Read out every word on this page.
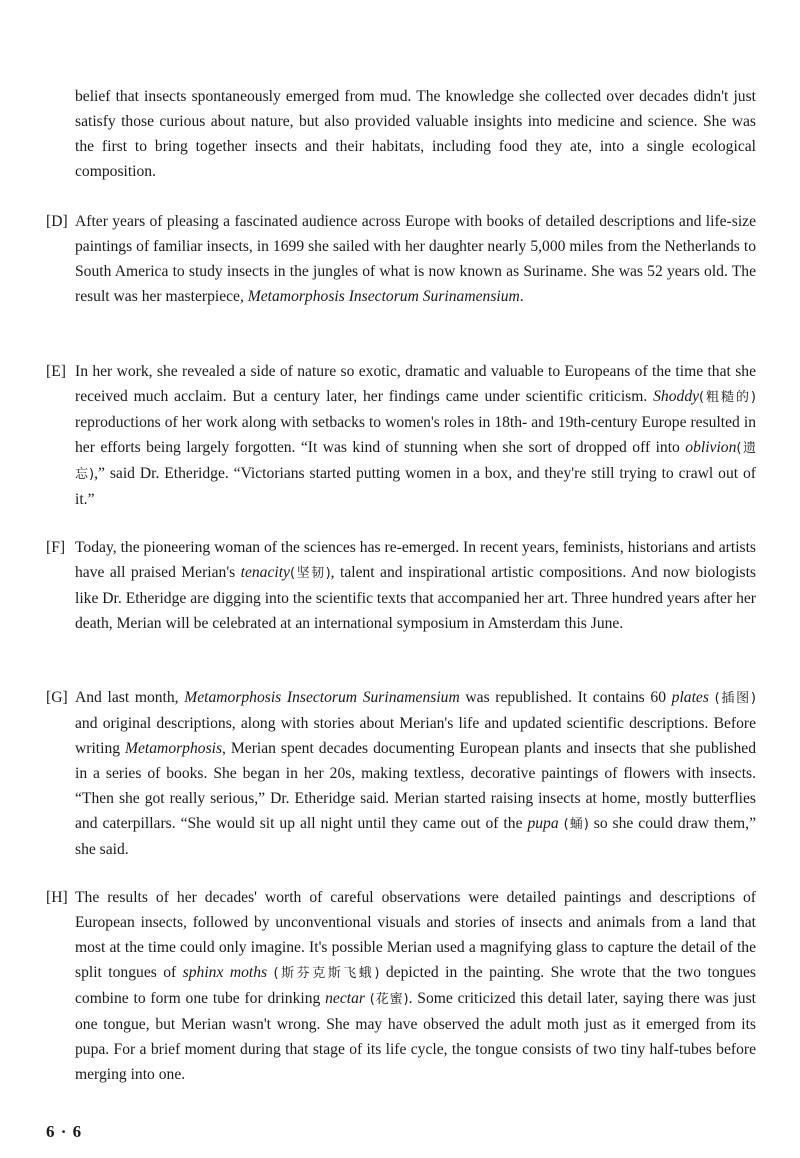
belief that insects spontaneously emerged from mud. The knowledge she collected over decades didn't just satisfy those curious about nature, but also provided valuable insights into medicine and science. She was the first to bring together insects and their habitats, including food they ate, into a single ecological composition.

[D] After years of pleasing a fascinated audience across Europe with books of detailed descriptions and life-size paintings of familiar insects, in 1699 she sailed with her daughter nearly 5,000 miles from the Netherlands to South America to study insects in the jungles of what is now known as Suriname. She was 52 years old. The result was her masterpiece, Metamorphosis Insectorum Surinamensium.

[E] In her work, she revealed a side of nature so exotic, dramatic and valuable to Europeans of the time that she received much acclaim. But a century later, her findings came under scientific criticism. Shoddy(粗糙的) reproductions of her work along with setbacks to women's roles in 18th- and 19th-century Europe resulted in her efforts being largely forgotten. “It was kind of stunning when she sort of dropped off into oblivion(遗忘),” said Dr. Etheridge. “Victorians started putting women in a box, and they're still trying to crawl out of it.”

[F] Today, the pioneering woman of the sciences has re-emerged. In recent years, feminists, historians and artists have all praised Merian's tenacity(坚韧), talent and inspirational artistic compositions. And now biologists like Dr. Etheridge are digging into the scientific texts that accompanied her art. Three hundred years after her death, Merian will be celebrated at an international symposium in Amsterdam this June.

[G] And last month, Metamorphosis Insectorum Surinamensium was republished. It contains 60 plates (插图) and original descriptions, along with stories about Merian's life and updated scientific descriptions. Before writing Metamorphosis, Merian spent decades documenting European plants and insects that she published in a series of books. She began in her 20s, making textless, decorative paintings of flowers with insects. “Then she got really serious,” Dr. Etheridge said. Merian started raising insects at home, mostly butterflies and caterpillars. “She would sit up all night until they came out of the pupa (蛹) so she could draw them,” she said.

[H] The results of her decades' worth of careful observations were detailed paintings and descriptions of European insects, followed by unconventional visuals and stories of insects and animals from a land that most at the time could only imagine. It's possible Merian used a magnifying glass to capture the detail of the split tongues of sphinx moths (斯芬克斯飞蛾) depicted in the painting. She wrote that the two tongues combine to form one tube for drinking nectar (花蜜). Some criticized this detail later, saying there was just one tongue, but Merian wasn't wrong. She may have observed the adult moth just as it emerged from its pupa. For a brief moment during that stage of its life cycle, the tongue consists of two tiny half-tubes before merging into one.

6 · 6
